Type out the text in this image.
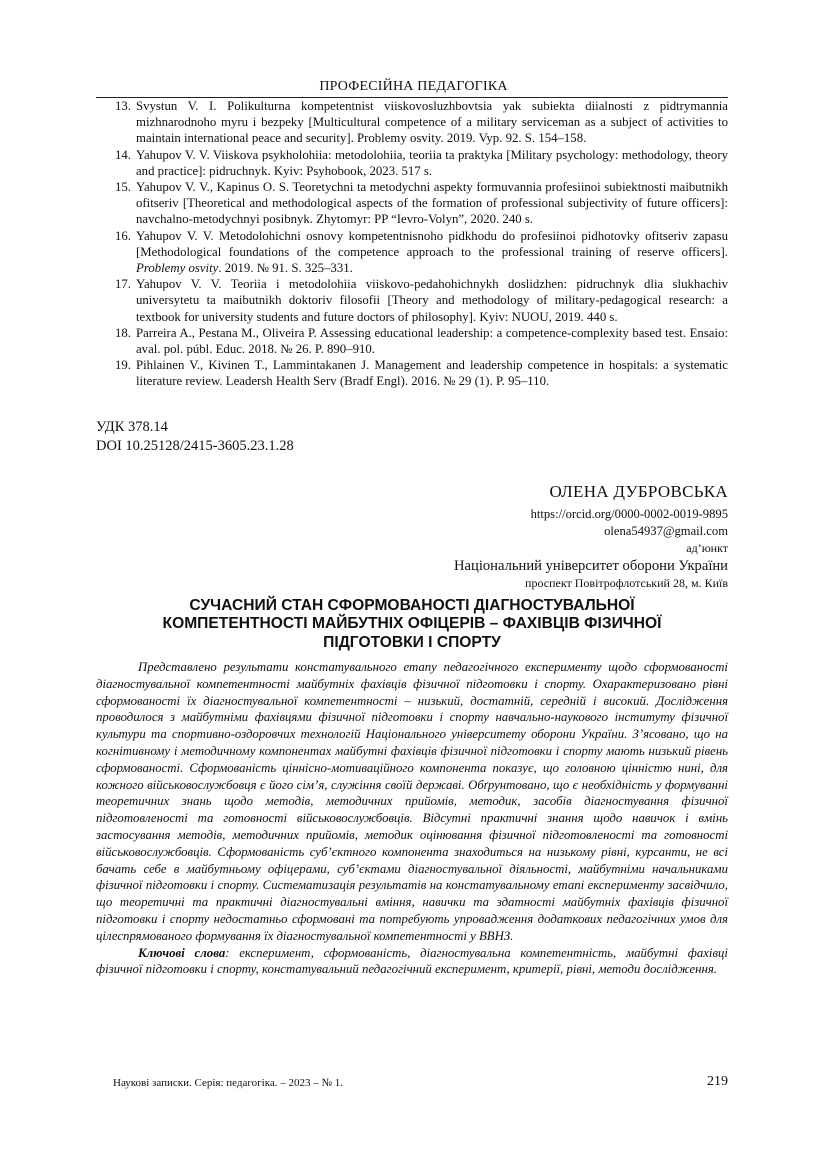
ПРОФЕСІЙНА ПЕДАГОГІКА
13. Svystun V. I. Polikulturna kompetentnist viiskovosluzhbovtsia yak subiekta diialnosti z pidtrymannia mizhnarodnoho myru i bezpeky [Multicultural competence of a military serviceman as a subject of activities to maintain international peace and security]. Problemy osvity. 2019. Vyp. 92. S. 154–158.
14. Yahupov V. V. Viiskova psykholohiia: metodolohiia, teoriia ta praktyka [Military psychology: methodology, theory and practice]: pidruchnyk. Kyiv: Psyhobook, 2023. 517 s.
15. Yahupov V. V., Kapinus O. S. Teoretychni ta metodychni aspekty formuvannia profesiinoi subiektnosti maibutnikh ofitseriv [Theoretical and methodological aspects of the formation of professional subjectivity of future officers]: navchalno-metodychnyi posibnyk. Zhytomyr: PP “Ievro-Volyn”, 2020. 240 s.
16. Yahupov V. V. Metodolohichni osnovy kompetentnisnoho pidkhodu do profesiinoi pidhotovky ofitseriv zapasu [Methodological foundations of the competence approach to the professional training of reserve officers]. Problemy osvity. 2019. № 91. S. 325–331.
17. Yahupov V. V. Teoriia i metodolohiia viiskovo-pedahohichnykh doslidzhen: pidruchnyk dlia slukhachiv universytetu ta maibutnikh doktoriv filosofii [Theory and methodology of military-pedagogical research: a textbook for university students and future doctors of philosophy]. Kyiv: NUOU, 2019. 440 s.
18. Parreira A., Pestana M., Oliveira P. Assessing educational leadership: a competence-complexity based test. Ensaio: aval. pol. públ. Educ. 2018. № 26. P. 890–910.
19. Pihlainen V., Kivinen T., Lammintakanen J. Management and leadership competence in hospitals: a systematic literature review. Leadersh Health Serv (Bradf Engl). 2016. № 29 (1). P. 95–110.
УДК 378.14
DOI 10.25128/2415-3605.23.1.28
ОЛЕНА ДУБРОВСЬКА
https://orcid.org/0000-0002-0019-9895
olena54937@gmail.com
ад’юнкт
Національний університет оборони України
проспект Повітрофлотський 28, м. Київ
СУЧАСНИЙ СТАН СФОРМОВАНОСТІ ДІАГНОСТУВАЛЬНОЇ
КОМПЕТЕНТНОСТІ МАЙБУТНІХ ОФІЦЕРІВ – ФАХІВЦІВ ФІЗИЧНОЇ
ПІДГОТОВКИ І СПОРТУ

Представлено результати констатувального етапу педагогічного експерименту щодо сформованості діагностувальної компетентності майбутніх фахівців фізичної підготовки і спорту. Охарактеризовано рівні сформованості їх діагностувальної компетентності – низький, достатній, середній і високий. Дослідження проводилося з майбутніми фахівцями фізичної підготовки і спорту навчально-наукового інституту фізичної культури та спортивно-оздоровчих технологій Національного університету оборони України. З’ясовано, що на когнітивному і методичному компонентах майбутні фахівців фізичної підготовки і спорту мають низький рівень сформованості. Сформованість ціннісно-мотиваційного компонента показує, що головною цінністю нині, для кожного військовослужбовця є його сім’я, служіння своїй державі. Обґрунтовано, що є необхідність у формуванні теоретичних знань щодо методів, методичних прийомів, методик, засобів діагностування фізичної підготовленості та готовності військовослужбовців. Відсутні практичні знання щодо навичок і вмінь застосування методів, методичних прийомів, методик оцінювання фізичної підготовленості та готовності військовослужбовців. Сформованість суб’єктного компонента знаходиться на низькому рівні, курсанти, не всі бачать себе в майбутньому офіцерами, суб’єктами діагностувальної діяльності, майбутніми начальниками фізичної підготовки і спорту. Систематизація результатів на констатувальному етапі експерименту засвідчило, що теоретичні та практичні діагностувальні вміння, навички та здатності майбутніх фахівців фізичної підготовки і спорту недостатньо сформовані та потребують упровадження додаткових педагогічних умов для цілеспрямованого формування їх діагностувальної компетентності у ВВНЗ.

Ключові слова: експеримент, сформованість, діагностувальна компетентність, майбутні фахівці фізичної підготовки і спорту, констатувальний педагогічний експеримент, критерії, рівні, методи дослідження.

Наукові записки. Серія: педагогіка. – 2023 – № 1.	219
